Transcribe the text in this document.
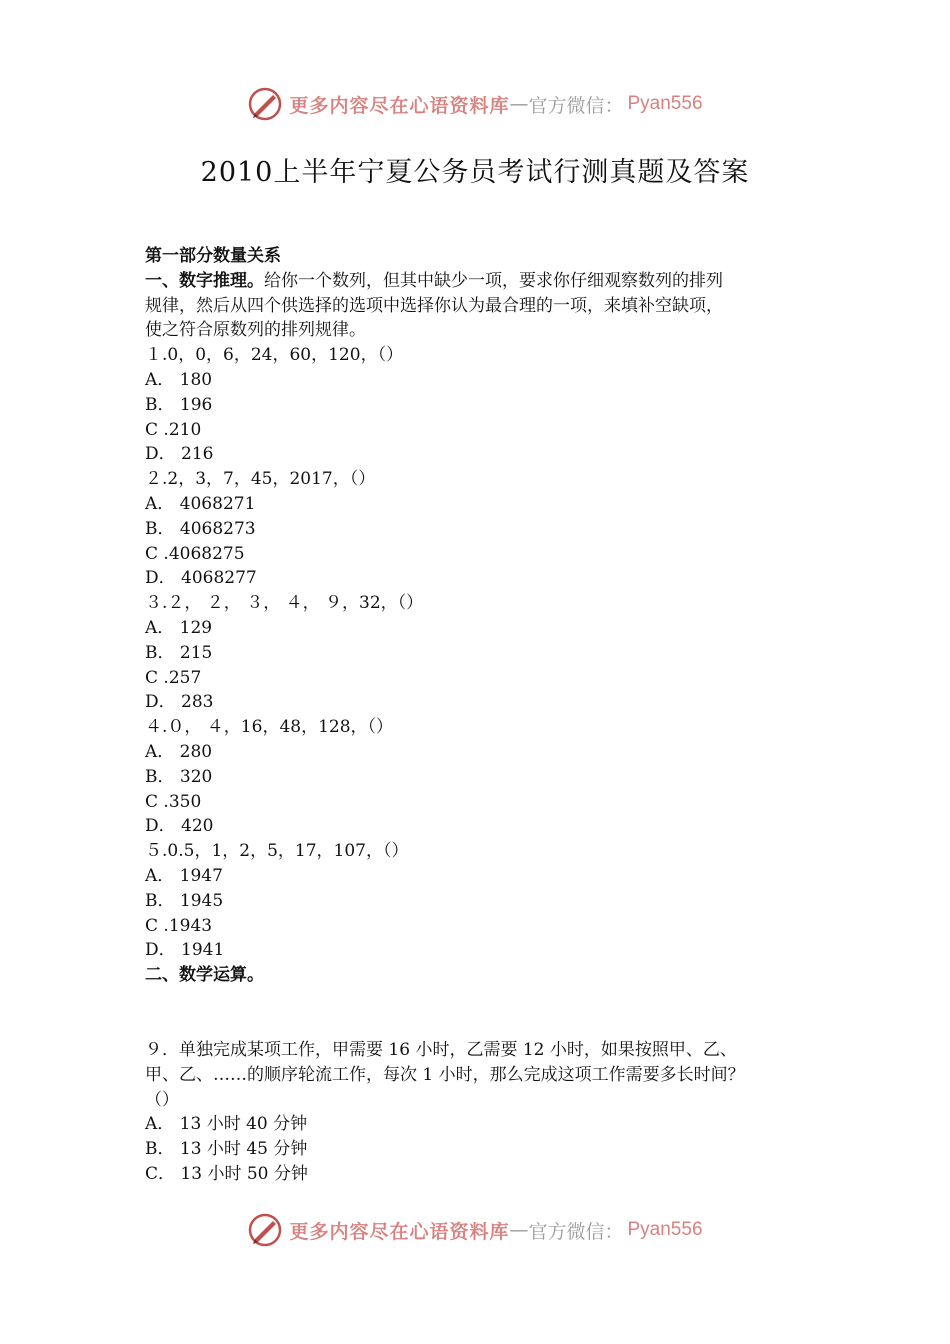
更多内容尽在心语资料库 — 官方微信： Pyan556
2010上半年宁夏公务员考试行测真题及答案
第一部分数量关系
一、数字推理。给你一个数列，但其中缺少一项，要求你仔细观察数列的排列
规律，然后从四个供选择的选项中选择你认为最合理的一项，来填补空缺项，
使之符合原数列的排列规律。
１.0，0，6，24，60，120，（）
A． 180
B． 196
C .210
D． 216
２.2，3，7，45，2017，（）
A． 4068271
B． 4068273
C .4068275
D． 4068277
３.２， ２， ３， ４， ９，32，（）
A． 129
B． 215
C .257
D． 283
４.０， ４，16，48，128，（）
A． 280
B． 320
C .350
D． 420
５.0.5，1，2，5，17，107，（）
A． 1947
B． 1945
C .1943
D． 1941
二、数学运算。
９．单独完成某项工作，甲需要 16 小时，乙需要 12 小时，如果按照甲、乙、
甲、乙、……的顺序轮流工作，每次 1 小时，那么完成这项工作需要多长时间？
（）
A． 13 小时 40 分钟
B． 13 小时 45 分钟
C． 13 小时 50 分钟
更多内容尽在心语资料库 — 官方微信： Pyan556
